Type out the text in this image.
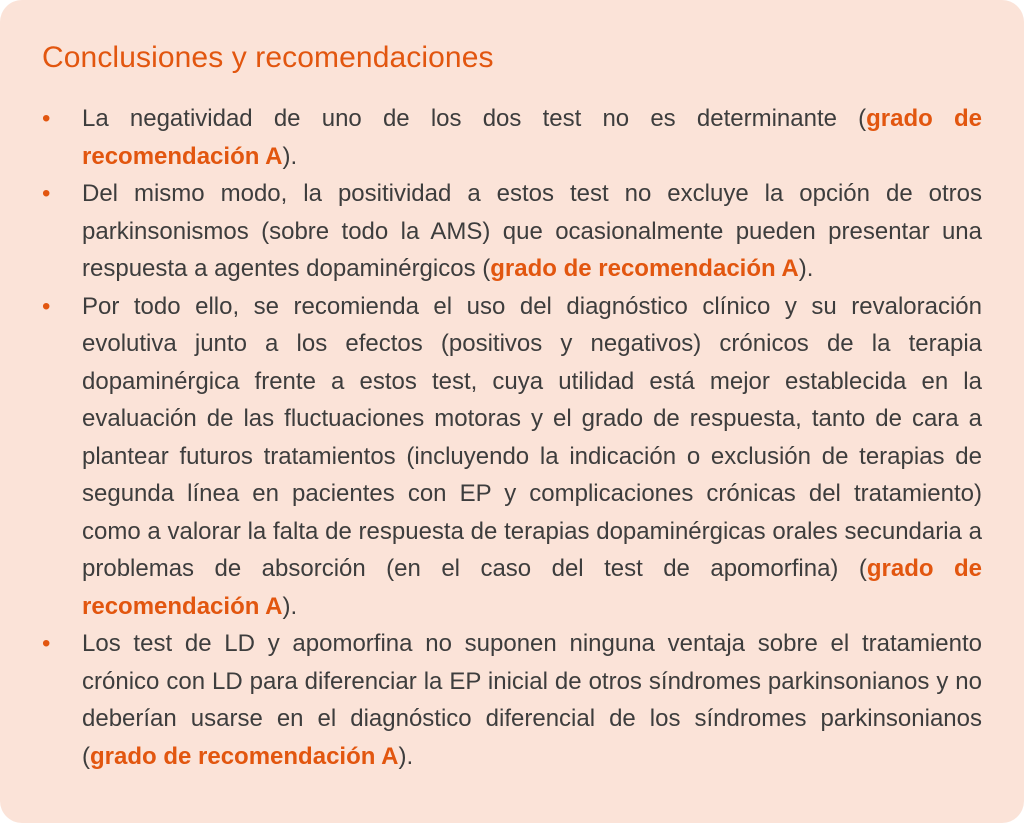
Conclusiones y recomendaciones
• La negatividad de uno de los dos test no es determinante (grado de recomendación A).
• Del mismo modo, la positividad a estos test no excluye la opción de otros parkinsonismos (sobre todo la AMS) que ocasionalmente pueden presentar una respuesta a agentes dopaminérgicos (grado de recomendación A).
• Por todo ello, se recomienda el uso del diagnóstico clínico y su revaloración evolutiva junto a los efectos (positivos y negativos) crónicos de la terapia dopaminérgica frente a estos test, cuya utilidad está mejor establecida en la evaluación de las fluctuaciones motoras y el grado de respuesta, tanto de cara a plantear futuros tratamientos (incluyendo la indicación o exclusión de terapias de segunda línea en pacientes con EP y complicaciones crónicas del tratamiento) como a valorar la falta de respuesta de terapias dopaminérgicas orales secundaria a problemas de absorción (en el caso del test de apomorfina) (grado de recomendación A).
• Los test de LD y apomorfina no suponen ninguna ventaja sobre el tratamiento crónico con LD para diferenciar la EP inicial de otros síndromes parkinsonianos y no deberían usarse en el diagnóstico diferencial de los síndromes parkinsonianos (grado de recomendación A).
